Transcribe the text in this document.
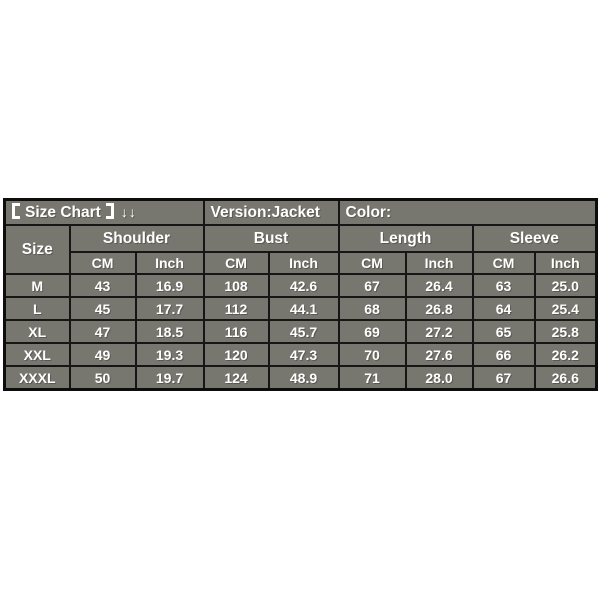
Size Chart ↓↓			Version:Jacket		Color:			
Size	Shoulder		Bust		Length		Sleeve	
	CM	Inch	CM	Inch	CM	Inch	CM	Inch
M	43	16.9	108	42.6	67	26.4	63	25.0
L	45	17.7	112	44.1	68	26.8	64	25.4
XL	47	18.5	116	45.7	69	27.2	65	25.8
XXL	49	19.3	120	47.3	70	27.6	66	26.2
XXXL	50	19.7	124	48.9	71	28.0	67	26.6
